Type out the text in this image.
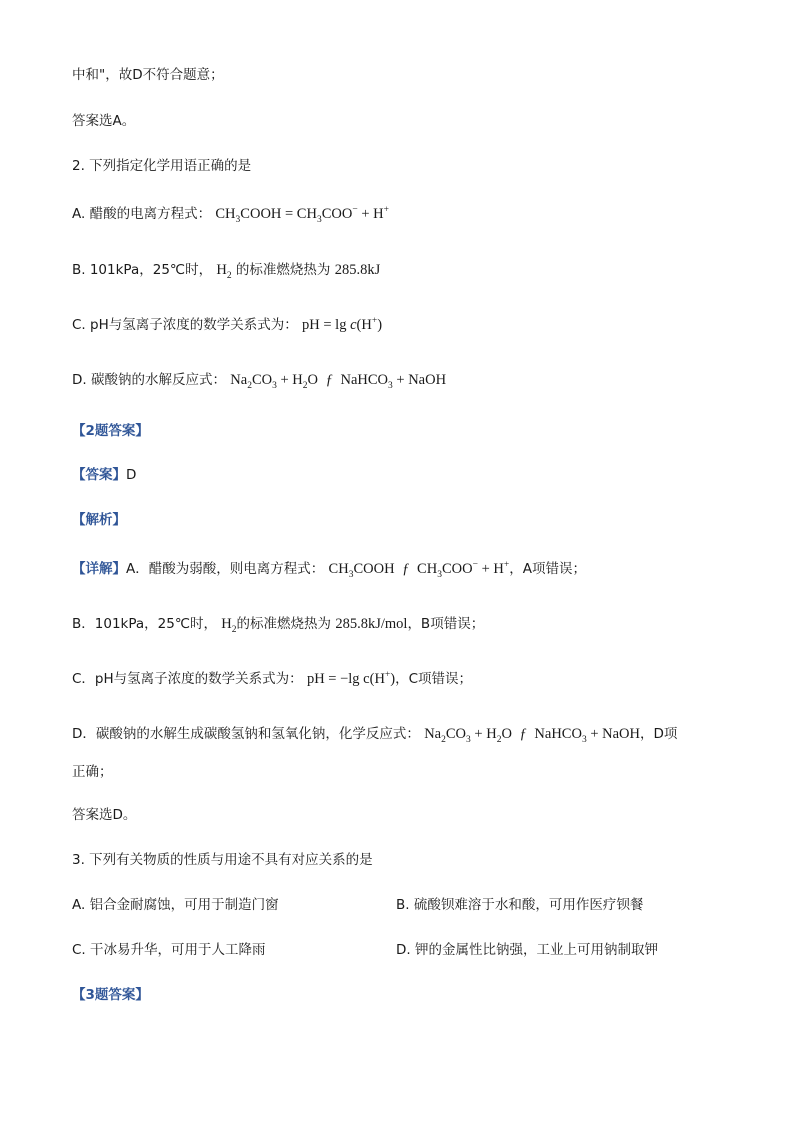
中和"，故D不符合题意；
答案选A。
2. 下列指定化学用语正确的是
A. 醋酸的电离方程式： $CH_3COOH = CH_3COO^- + H^+$
B. 101kPa，25℃时， $H_2$ 的标准燃烧热为 285.8kJ
C. pH与氢离子浓度的数学关系式为： pH = lg c(H+)
D. 碳酸钠的水解反应式： $Na_2CO_3 + H_2O$ ƒ NaHCO$_3$ + NaOH
【2题答案】
【答案】D
【解析】
【详解】A．醋酸为弱酸，则电离方程式： $CH_3COOH$ ƒ $CH_3COO^- + H^+$，A项错误；
B．101kPa，25℃时， $H_2$的标准燃烧热为 285.8kJ/mol，B项错误；
C．pH与氢离子浓度的数学关系式为： pH = −lg c(H+)，C项错误；
D．碳酸钠的水解生成碳酸氢钠和氢氧化钠，化学反应式： $Na_2CO_3 + H_2O$ ƒ NaHCO$_3$ + NaOH，D项
正确；
答案选D。
3. 下列有关物质的性质与用途不具有对应关系的是
A. 铝合金耐腐蚀，可用于制造门窗	B. 硫酸钡难溶于水和酸，可用作医疗钡餐
C. 干冰易升华，可用于人工降雨	D. 钾的金属性比钠强，工业上可用钠制取钾
【3题答案】
